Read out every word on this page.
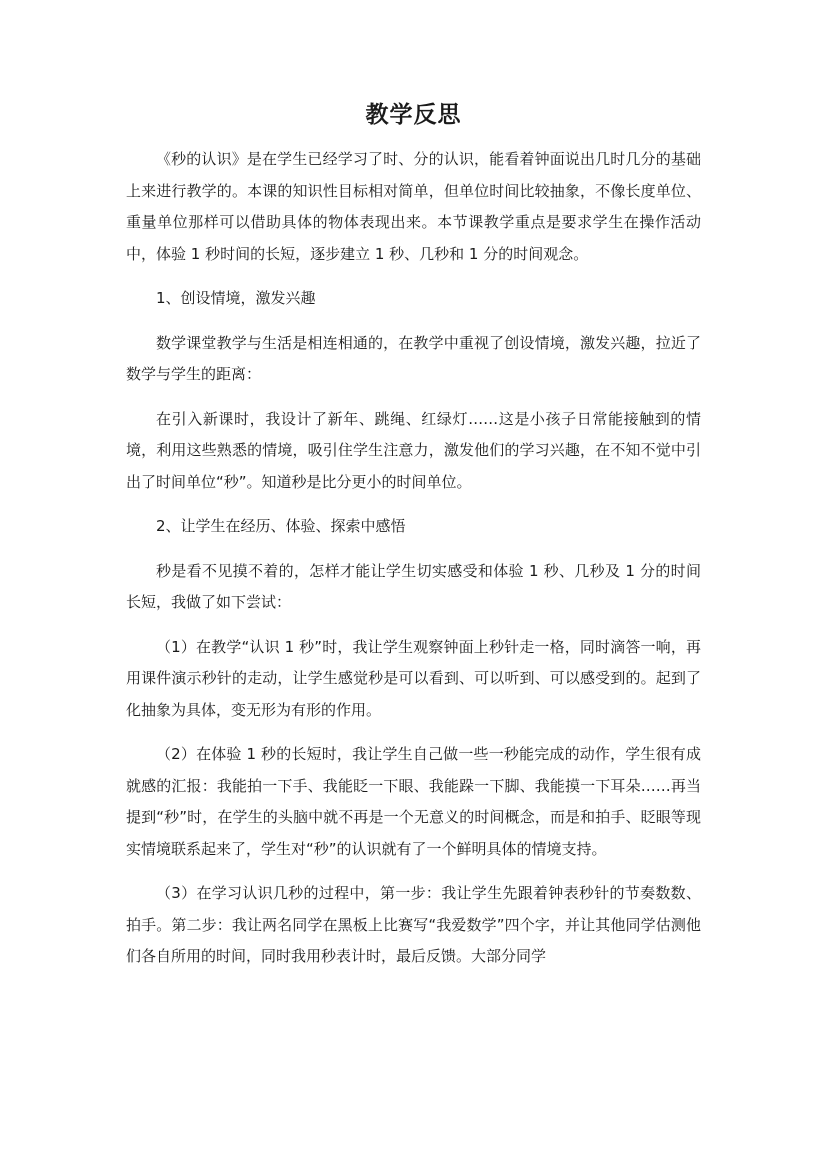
教学反思

《秒的认识》是在学生已经学习了时、分的认识，能看着钟面说出几时几分的基础上来进行教学的。本课的知识性目标相对简单，但单位时间比较抽象，不像长度单位、重量单位那样可以借助具体的物体表现出来。本节课教学重点是要求学生在操作活动中，体验 1 秒时间的长短，逐步建立 1 秒、几秒和 1 分的时间观念。

1、创设情境，激发兴趣

数学课堂教学与生活是相连相通的，在教学中重视了创设情境，激发兴趣，拉近了数学与学生的距离：

在引入新课时，我设计了新年、跳绳、红绿灯……这是小孩子日常能接触到的情境，利用这些熟悉的情境，吸引住学生注意力，激发他们的学习兴趣，在不知不觉中引出了时间单位“秒”。知道秒是比分更小的时间单位。

2、让学生在经历、体验、探索中感悟

秒是看不见摸不着的，怎样才能让学生切实感受和体验 1 秒、几秒及 1 分的时间长短，我做了如下尝试：

（1）在教学“认识 1 秒”时，我让学生观察钟面上秒针走一格，同时滴答一响，再用课件演示秒针的走动，让学生感觉秒是可以看到、可以听到、可以感受到的。起到了化抽象为具体，变无形为有形的作用。

（2）在体验 1 秒的长短时，我让学生自己做一些一秒能完成的动作，学生很有成就感的汇报：我能拍一下手、我能眨一下眼、我能跺一下脚、我能摸一下耳朵……再当提到“秒”时，在学生的头脑中就不再是一个无意义的时间概念，而是和拍手、眨眼等现实情境联系起来了，学生对“秒”的认识就有了一个鲜明具体的情境支持。

（3）在学习认识几秒的过程中，第一步：我让学生先跟着钟表秒针的节奏数数、拍手。第二步：我让两名同学在黑板上比赛写“我爱数学”四个字，并让其他同学估测他们各自所用的时间，同时我用秒表计时，最后反馈。大部分同学
